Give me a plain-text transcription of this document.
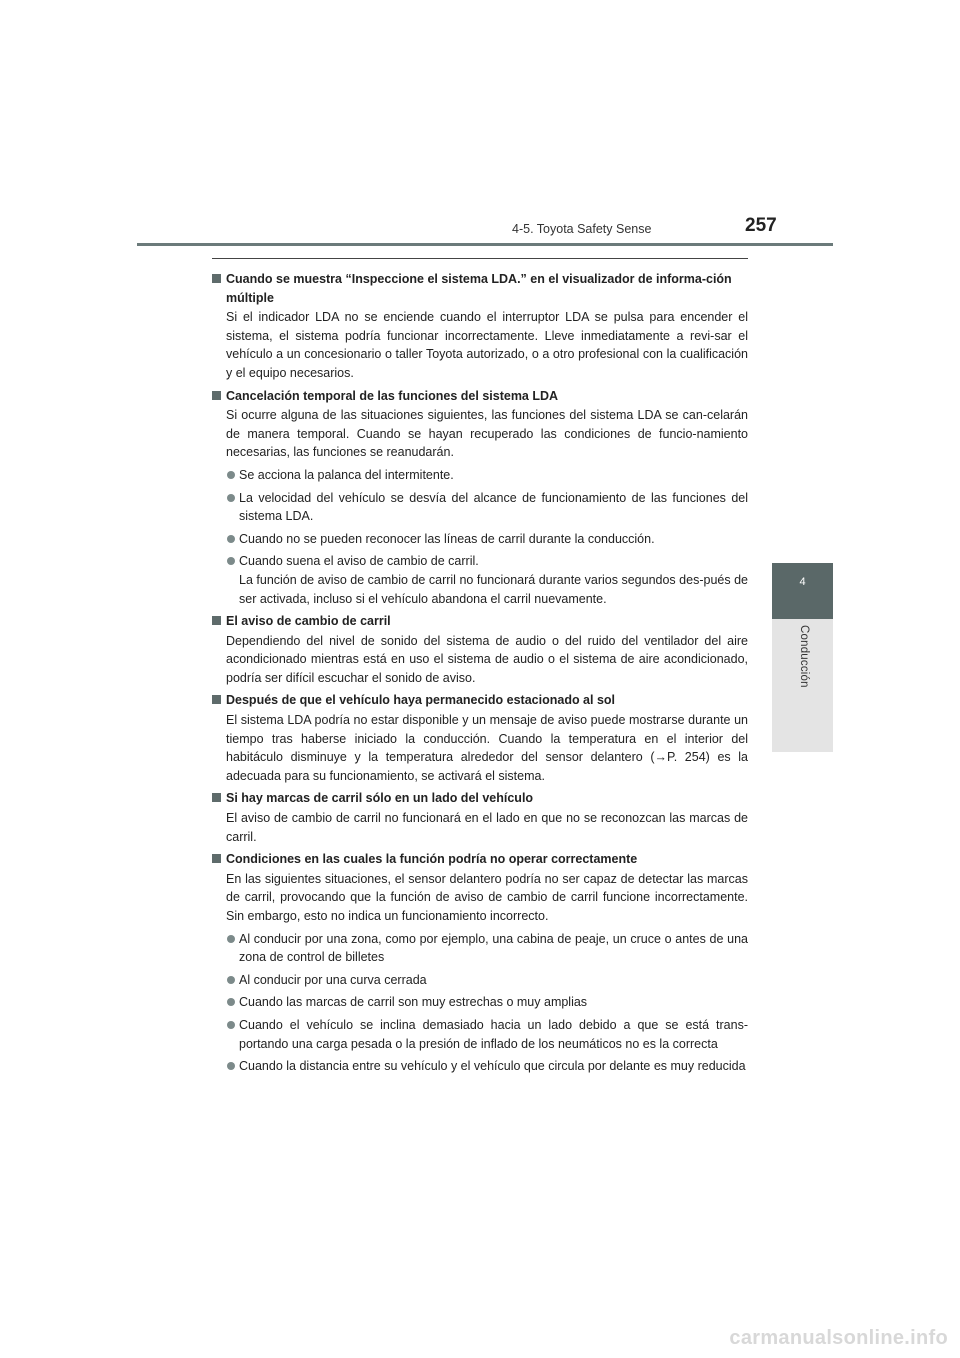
4-5. Toyota Safety Sense	257
4
Conducción
Cuando se muestra “Inspeccione el sistema LDA.” en el visualizador de informa-ción múltiple
Si el indicador LDA no se enciende cuando el interruptor LDA se pulsa para encender el sistema, el sistema podría funcionar incorrectamente. Lleve inmediatamente a revi-sar el vehículo a un concesionario o taller Toyota autorizado, o a otro profesional con la cualificación y el equipo necesarios.
Cancelación temporal de las funciones del sistema LDA
Si ocurre alguna de las situaciones siguientes, las funciones del sistema LDA se can-celarán de manera temporal. Cuando se hayan recuperado las condiciones de funcio-namiento necesarias, las funciones se reanudarán.
Se acciona la palanca del intermitente.
La velocidad del vehículo se desvía del alcance de funcionamiento de las funciones del sistema LDA.
Cuando no se pueden reconocer las líneas de carril durante la conducción.
Cuando suena el aviso de cambio de carril.
La función de aviso de cambio de carril no funcionará durante varios segundos des-pués de ser activada, incluso si el vehículo abandona el carril nuevamente.
El aviso de cambio de carril
Dependiendo del nivel de sonido del sistema de audio o del ruido del ventilador del aire acondicionado mientras está en uso el sistema de audio o el sistema de aire acondicionado, podría ser difícil escuchar el sonido de aviso.
Después de que el vehículo haya permanecido estacionado al sol
El sistema LDA podría no estar disponible y un mensaje de aviso puede mostrarse durante un tiempo tras haberse iniciado la conducción. Cuando la temperatura en el interior del habitáculo disminuye y la temperatura alrededor del sensor delantero (→P. 254) es la adecuada para su funcionamiento, se activará el sistema.
Si hay marcas de carril sólo en un lado del vehículo
El aviso de cambio de carril no funcionará en el lado en que no se reconozcan las marcas de carril.
Condiciones en las cuales la función podría no operar correctamente
En las siguientes situaciones, el sensor delantero podría no ser capaz de detectar las marcas de carril, provocando que la función de aviso de cambio de carril funcione incorrectamente. Sin embargo, esto no indica un funcionamiento incorrecto.
Al conducir por una zona, como por ejemplo, una cabina de peaje, un cruce o antes de una zona de control de billetes
Al conducir por una curva cerrada
Cuando las marcas de carril son muy estrechas o muy amplias
Cuando el vehículo se inclina demasiado hacia un lado debido a que se está trans-portando una carga pesada o la presión de inflado de los neumáticos no es la correcta
Cuando la distancia entre su vehículo y el vehículo que circula por delante es muy reducida
carmanualsonline.info
